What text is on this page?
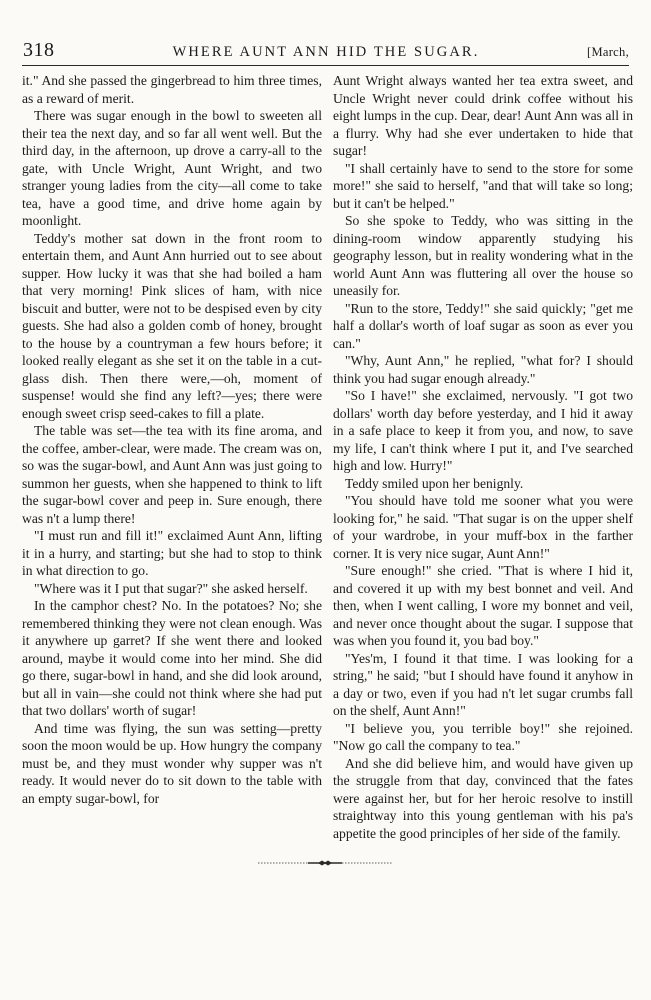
318	WHERE AUNT ANN HID THE SUGAR.	[March,

it." And she passed the gingerbread to him three times, as a reward of merit.

There was sugar enough in the bowl to sweeten all their tea the next day, and so far all went well. But the third day, in the afternoon, up drove a carry-all to the gate, with Uncle Wright, Aunt Wright, and two stranger young ladies from the city—all come to take tea, have a good time, and drive home again by moonlight.

Teddy's mother sat down in the front room to entertain them, and Aunt Ann hurried out to see about supper. How lucky it was that she had boiled a ham that very morning! Pink slices of ham, with nice biscuit and butter, were not to be despised even by city guests. She had also a golden comb of honey, brought to the house by a countryman a few hours before; it looked really elegant as she set it on the table in a cut-glass dish. Then there were,—oh, moment of suspense! would she find any left?—yes; there were enough sweet crisp seed-cakes to fill a plate.

The table was set—the tea with its fine aroma, and the coffee, amber-clear, were made. The cream was on, so was the sugar-bowl, and Aunt Ann was just going to summon her guests, when she happened to think to lift the sugar-bowl cover and peep in. Sure enough, there was n't a lump there!

"I must run and fill it!" exclaimed Aunt Ann, lifting it in a hurry, and starting; but she had to stop to think in what direction to go.

"Where was it I put that sugar?" she asked herself.

In the camphor chest? No. In the potatoes? No; she remembered thinking they were not clean enough. Was it anywhere up garret? If she went there and looked around, maybe it would come into her mind. She did go there, sugar-bowl in hand, and she did look around, but all in vain—she could not think where she had put that two dollars' worth of sugar!

And time was flying, the sun was setting—pretty soon the moon would be up. How hungry the company must be, and they must wonder why supper was n't ready. It would never do to sit down to the table with an empty sugar-bowl, for

Aunt Wright always wanted her tea extra sweet, and Uncle Wright never could drink coffee without his eight lumps in the cup. Dear, dear! Aunt Ann was all in a flurry. Why had she ever undertaken to hide that sugar!

"I shall certainly have to send to the store for some more!" she said to herself, "and that will take so long; but it can't be helped."

So she spoke to Teddy, who was sitting in the dining-room window apparently studying his geography lesson, but in reality wondering what in the world Aunt Ann was fluttering all over the house so uneasily for.

"Run to the store, Teddy!" she said quickly; "get me half a dollar's worth of loaf sugar as soon as ever you can."

"Why, Aunt Ann," he replied, "what for? I should think you had sugar enough already."

"So I have!" she exclaimed, nervously. "I got two dollars' worth day before yesterday, and I hid it away in a safe place to keep it from you, and now, to save my life, I can't think where I put it, and I've searched high and low. Hurry!"

Teddy smiled upon her benignly.

"You should have told me sooner what you were looking for," he said. "That sugar is on the upper shelf of your wardrobe, in your muff-box in the farther corner. It is very nice sugar, Aunt Ann!"

"Sure enough!" she cried. "That is where I hid it, and covered it up with my best bonnet and veil. And then, when I went calling, I wore my bonnet and veil, and never once thought about the sugar. I suppose that was when you found it, you bad boy."

"Yes'm, I found it that time. I was looking for a string," he said; "but I should have found it anyhow in a day or two, even if you had n't let sugar crumbs fall on the shelf, Aunt Ann!"

"I believe you, you terrible boy!" she rejoined. "Now go call the company to tea."

And she did believe him, and would have given up the struggle from that day, convinced that the fates were against her, but for her heroic resolve to instill straightway into this young gentleman with his pa's appetite the good principles of her side of the family.
